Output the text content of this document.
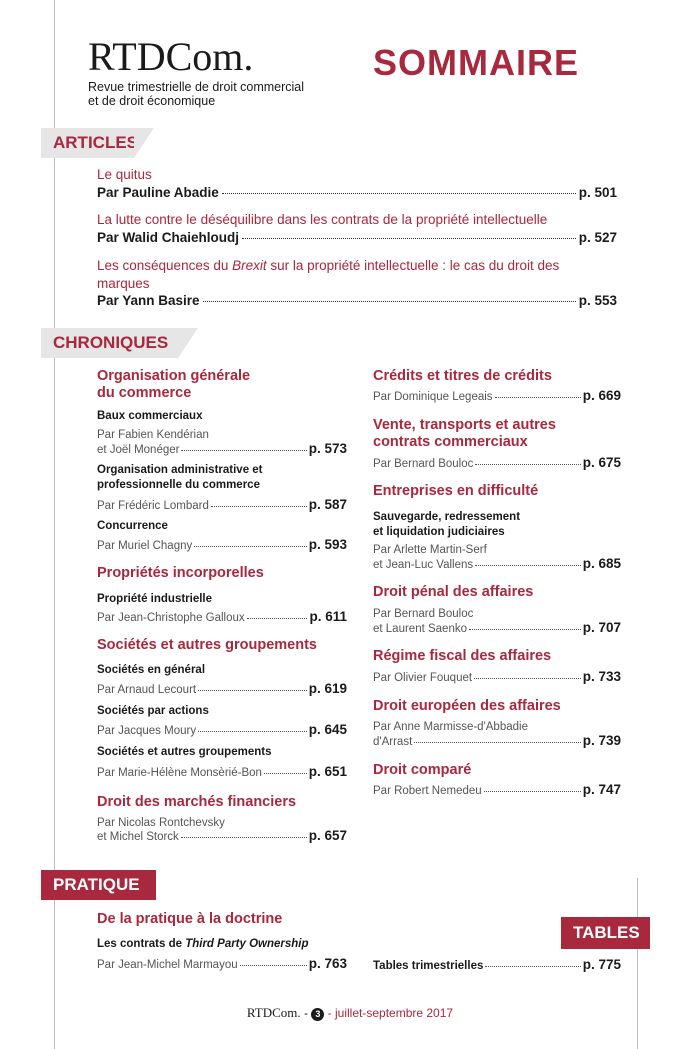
RTDCom.
Revue trimestrielle de droit commercial
et de droit économique
SOMMAIRE
ARTICLES
Le quitus
Par Pauline Abadie	p. 501
La lutte contre le déséquilibre dans les contrats de la propriété intellectuelle
Par Walid Chaiehloudj	p. 527
Les conséquences du Brexit sur la propriété intellectuelle : le cas du droit des
marques
Par Yann Basire	p. 553
CHRONIQUES
Organisation générale
du commerce
Baux commerciaux
Par Fabien Kendérian
et Joël Monéger	p. 573
Organisation administrative et
professionnelle du commerce
Par Frédéric Lombard	p. 587
Concurrence
Par Muriel Chagny	p. 593
Propriétés incorporelles
Propriété industrielle
Par Jean-Christophe Galloux	p. 611
Sociétés et autres groupements
Sociétés en général
Par Arnaud Lecourt	p. 619
Sociétés par actions
Par Jacques Moury	p. 645
Sociétés et autres groupements
Par Marie-Hélène Monsèrié-Bon	p. 651
Droit des marchés financiers
Par Nicolas Rontchevsky
et Michel Storck	p. 657
Crédits et titres de crédits
Par Dominique Legeais	p. 669
Vente, transports et autres
contrats commerciaux
Par Bernard Bouloc	p. 675
Entreprises en difficulté
Sauvegarde, redressement
et liquidation judiciaires
Par Arlette Martin-Serf
et Jean-Luc Vallens	p. 685
Droit pénal des affaires
Par Bernard Bouloc
et Laurent Saenko	p. 707
Régime fiscal des affaires
Par Olivier Fouquet	p. 733
Droit européen des affaires
Par Anne Marmisse-d'Abbadie
d'Arrast	p. 739
Droit comparé
Par Robert Nemedeu	p. 747
PRATIQUE
De la pratique à la doctrine
Les contrats de Third Party Ownership
Par Jean-Michel Marmayou	p. 763
TABLES
Tables trimestrielles	p. 775
RTDCom. - 3 - juillet-septembre 2017
